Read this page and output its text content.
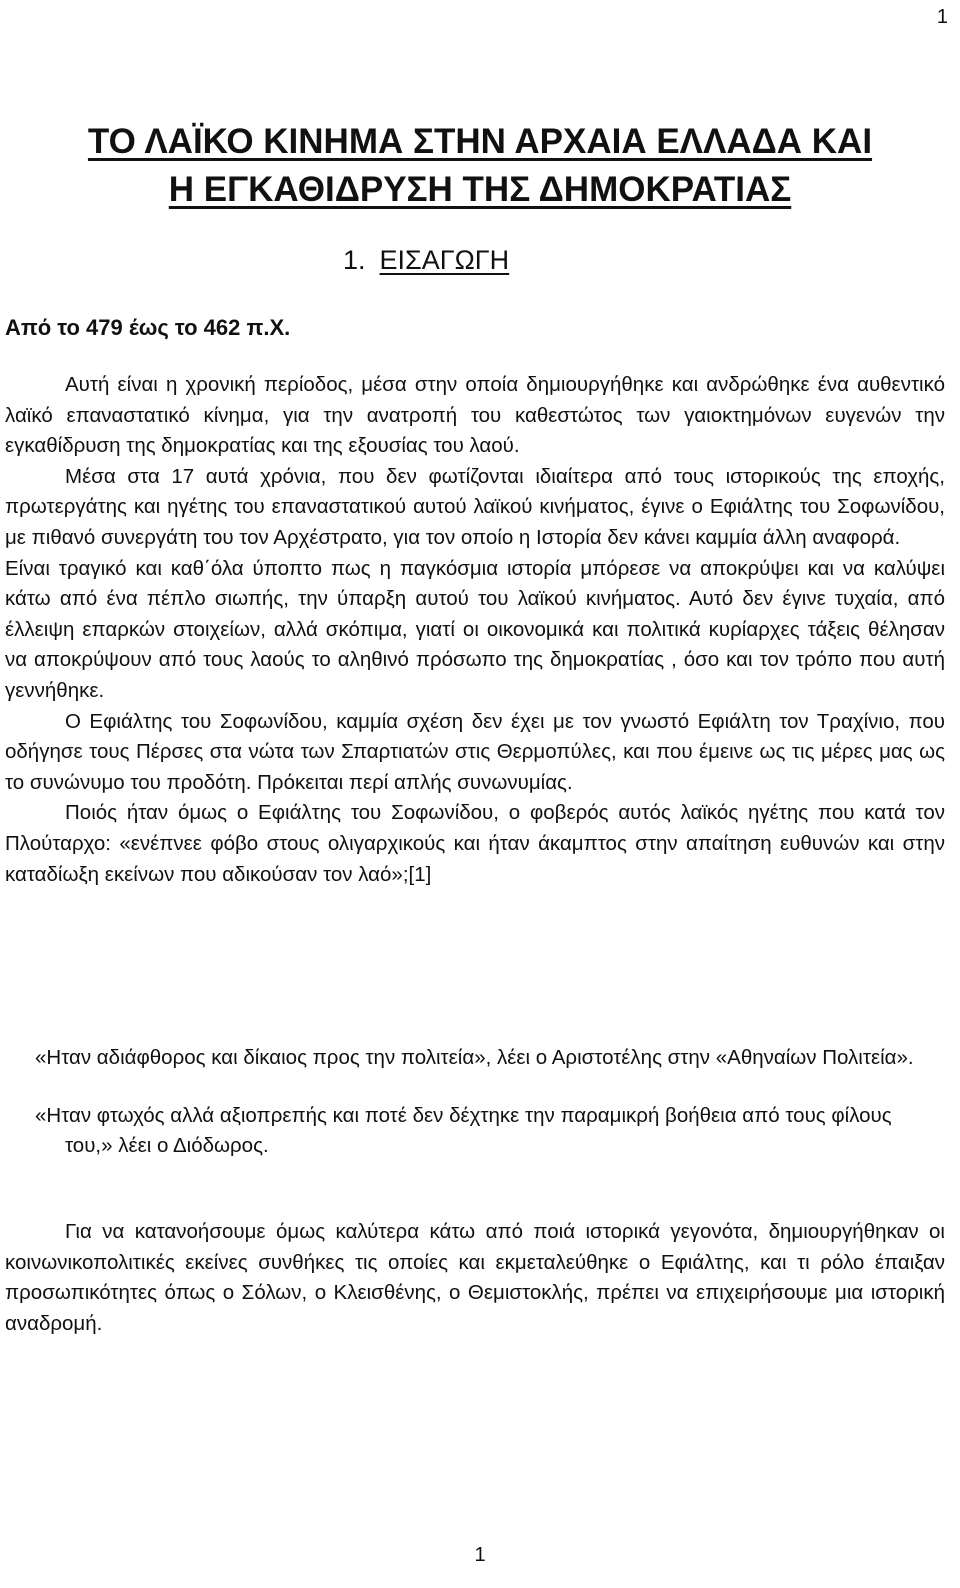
1
ΤΟ ΛΑΪΚΟ ΚΙΝΗΜΑ ΣΤΗΝ ΑΡΧΑΙΑ ΕΛΛΑΔΑ ΚΑΙ
Η ΕΓΚΑΘΙΔΡΥΣΗ ΤΗΣ ΔΗΜΟΚΡΑΤΙΑΣ
1. ΕΙΣΑΓΩΓΗ
Από το 479 έως το 462 π.Χ.

Αυτή είναι η χρονική περίοδος, μέσα στην οποία δημιουργήθηκε και ανδρώθηκε ένα αυθεντικό λαϊκό επαναστατικό κίνημα, για την ανατροπή του καθεστώτος των γαιοκτημόνων ευγενών την εγκαθίδρυση της δημοκρατίας και της εξουσίας του λαού.

Μέσα στα 17 αυτά χρόνια, που δεν φωτίζονται ιδιαίτερα από τους ιστορικούς της εποχής, πρωτεργάτης και ηγέτης του επαναστατικού αυτού λαϊκού κινήματος, έγινε ο Εφιάλτης του Σοφωνίδου, με πιθανό συνεργάτη του τον Αρχέστρατο, για τον οποίο η Ιστορία δεν κάνει καμμία άλλη αναφορά.

Είναι τραγικό και καθ΄όλα ύποπτο πως η παγκόσμια ιστορία μπόρεσε να αποκρύψει και να καλύψει κάτω από ένα πέπλο σιωπής, την ύπαρξη αυτού του λαϊκού κινήματος. Αυτό δεν έγινε τυχαία, από έλλειψη επαρκών στοιχείων, αλλά σκόπιμα, γιατί οι οικονομικά και πολιτικά κυρίαρχες τάξεις θέλησαν να αποκρύψουν από τους λαούς το αληθινό πρόσωπο της δημοκρατίας , όσο και τον τρόπο που αυτή γεννήθηκε.

Ο Εφιάλτης του Σοφωνίδου, καμμία σχέση δεν έχει με τον γνωστό Εφιάλτη τον Τραχίνιο, που οδήγησε τους Πέρσες στα νώτα των Σπαρτιατών στις Θερμοπύλες, και που έμεινε ως τις μέρες μας ως το συνώνυμο του προδότη. Πρόκειται περί απλής συνωνυμίας.

Ποιός ήταν όμως ο Εφιάλτης του Σοφωνίδου, ο φοβερός αυτός λαϊκός ηγέτης που κατά τον Πλούταρχο: «ενέπνεε φόβο στους ολιγαρχικούς και ήταν άκαμπτος στην απαίτηση ευθυνών και στην καταδίωξη εκείνων που αδικούσαν τον λαό»;[1]

«Ηταν αδιάφθορος και δίκαιος προς την πολιτεία», λέει ο Αριστοτέλης στην «Αθηναίων Πολιτεία».

«Ηταν φτωχός αλλά αξιοπρεπής και ποτέ δεν δέχτηκε την παραμικρή βοήθεια από τους φίλους του,» λέει ο Διόδωρος.

Για να κατανοήσουμε όμως καλύτερα κάτω από ποιά ιστορικά γεγονότα, δημιουργήθηκαν οι κοινωνικοπολιτικές εκείνες συνθήκες τις οποίες και εκμεταλεύθηκε ο Εφιάλτης, και τι ρόλο έπαιξαν προσωπικότητες όπως ο Σόλων, ο Κλεισθένης, ο Θεμιστοκλής, πρέπει να επιχειρήσουμε μια ιστορική αναδρομή.

1
